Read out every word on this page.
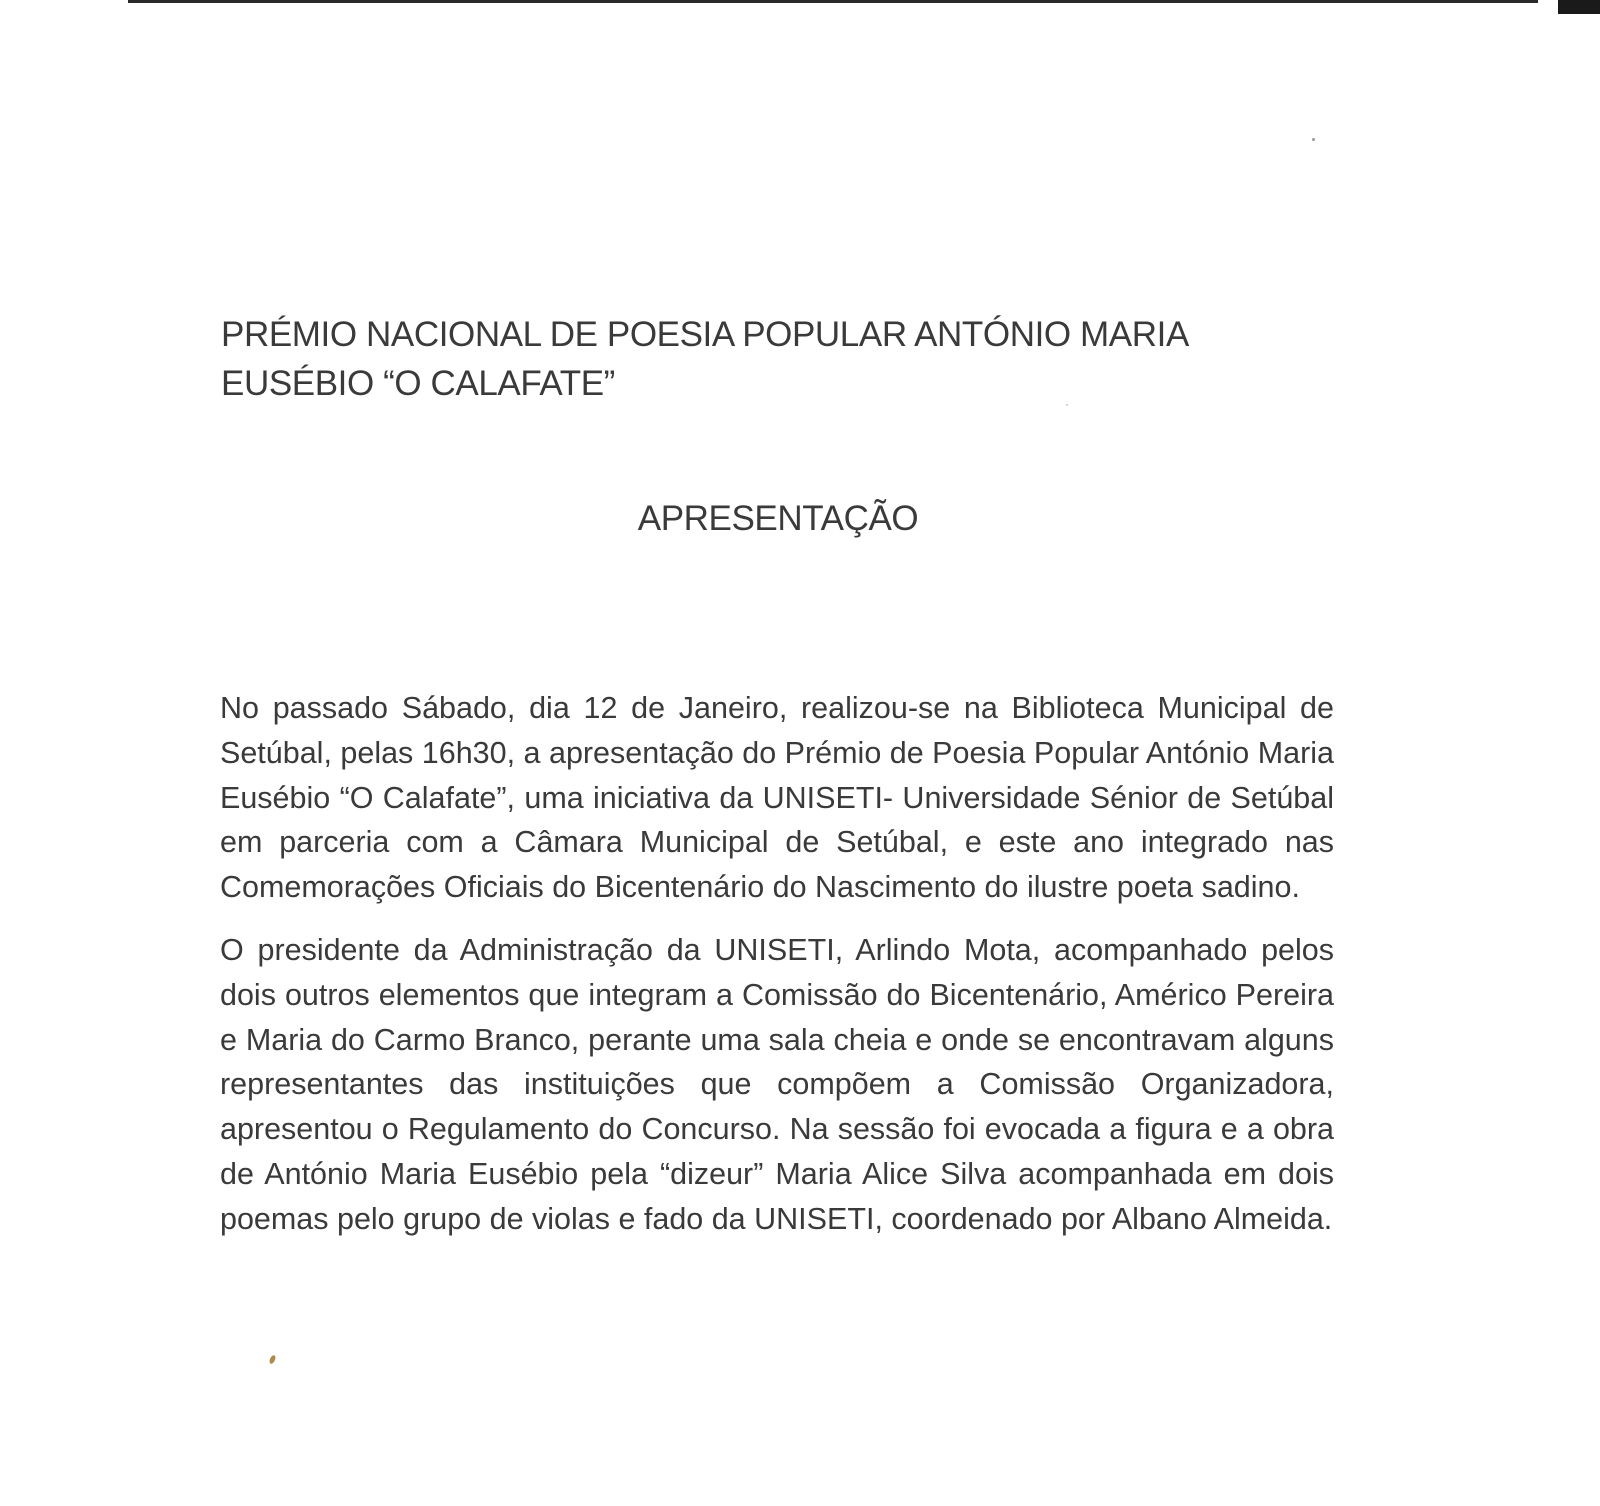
PRÉMIO NACIONAL DE POESIA POPULAR ANTÓNIO MARIA EUSÉBIO “O CALAFATE”
APRESENTAÇÃO

No passado Sábado, dia 12 de Janeiro, realizou-se na Biblioteca Municipal de Setúbal, pelas 16h30, a apresentação do Prémio de Poesia Popular António Maria Eusébio “O Calafate”, uma iniciativa da UNISETI- Universidade Sénior de Setúbal em parceria com a Câmara Municipal de Setúbal, e este ano integrado nas Comemorações Oficiais do Bicentenário do Nascimento do ilustre poeta sadino.

O presidente da Administração da UNISETI, Arlindo Mota, acompanhado pelos dois outros elementos que integram a Comissão do Bicentenário, Américo Pereira e Maria do Carmo Branco, perante uma sala cheia e onde se encontravam alguns representantes das instituições que compõem a Comissão Organizadora, apresentou o Regulamento do Concurso. Na sessão foi evocada a figura e a obra de António Maria Eusébio pela “dizeur” Maria Alice Silva acompanhada em dois poemas pelo grupo de violas e fado da UNISETI, coordenado por Albano Almeida.
